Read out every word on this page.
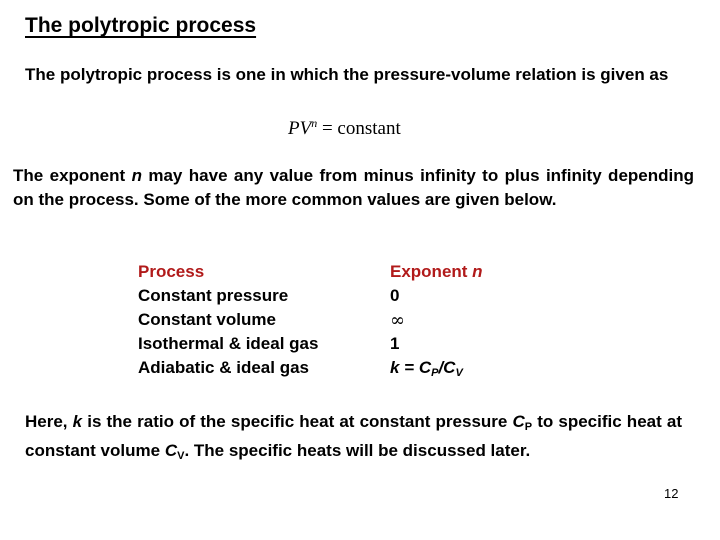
The polytropic process

The polytropic process is one in which the pressure-volume relation is given as

$PV^n$ = constant

The exponent n may have any value from minus infinity to plus infinity depending on the process. Some of the more common values are given below.

Process	Exponent n
Constant pressure	0
Constant volume	∞
Isothermal & ideal gas	1
Adiabatic & ideal gas	$k = C_P/C_V$

Here, k is the ratio of the specific heat at constant pressure $C_P$ to specific heat at constant volume $C_V$. The specific heats will be discussed later.

12
